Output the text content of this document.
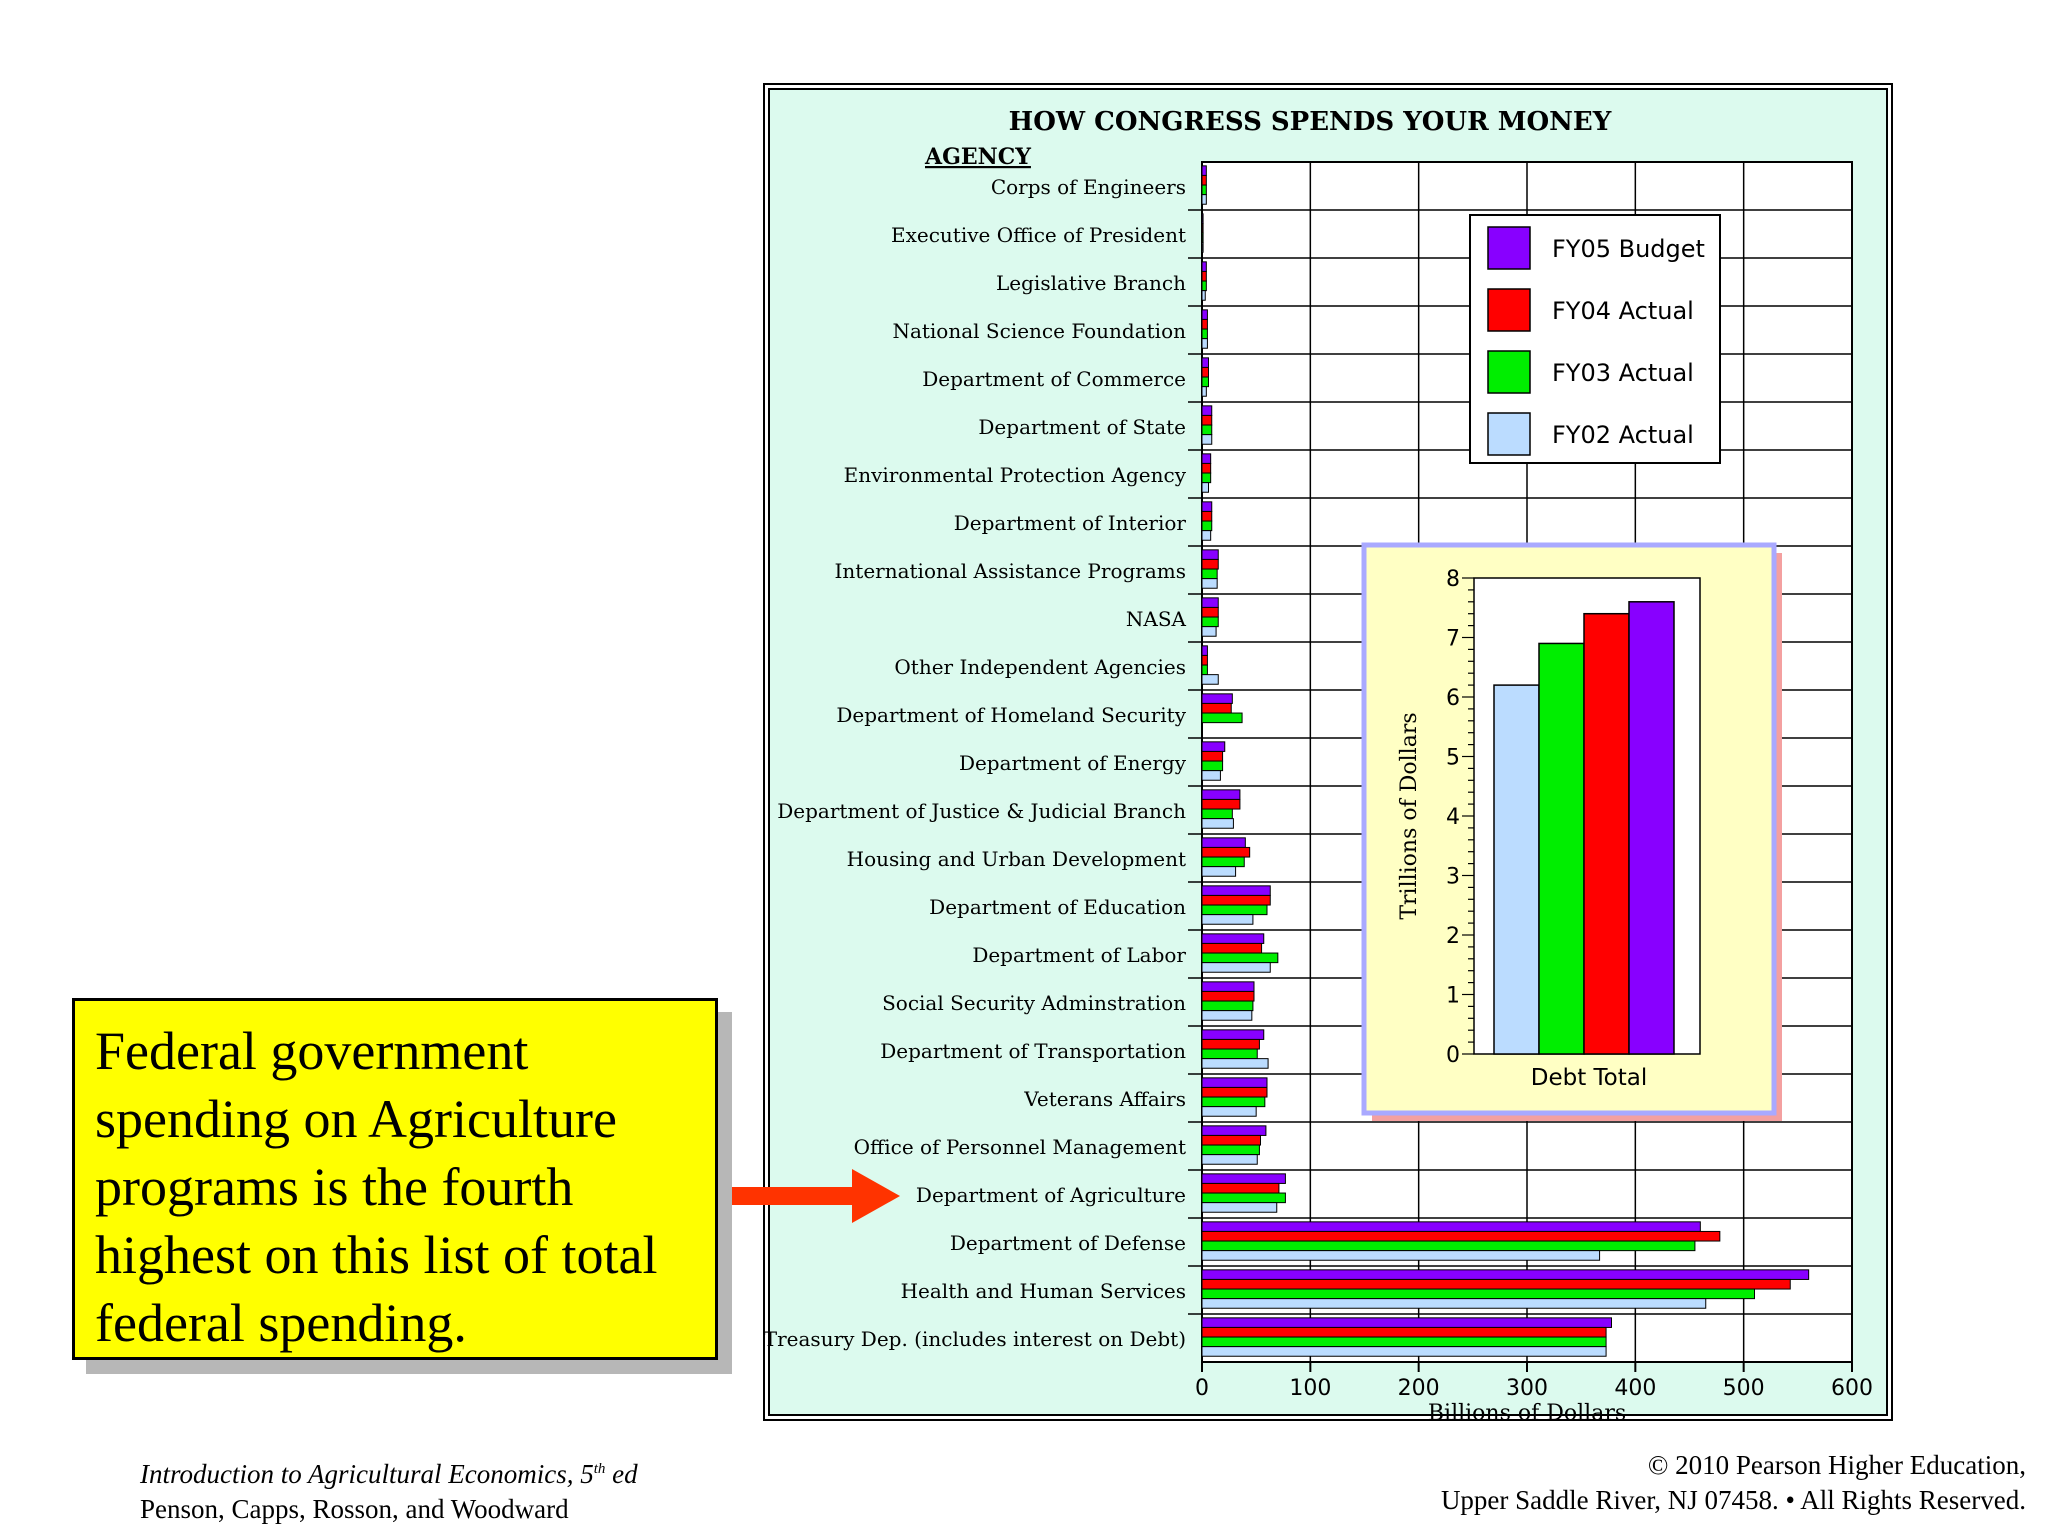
HOW CONGRESS SPENDS YOUR MONEY
AGENCY
0	100	200	300	400	500	600
Billions of Dollars
Corps of Engineers
Executive Office of President
Legislative Branch
National Science Foundation
Department of Commerce
Department of State
Environmental Protection Agency
Department of Interior
International Assistance Programs
NASA
Other Independent Agencies
Department of Homeland Security
Department of Energy
Department of Justice & Judicial Branch
Housing and Urban Development
Department of Education
Department of Labor
Social Security Adminstration
Department of Transportation
Veterans Affairs
Office of Personnel Management
Department of Agriculture
Department of Defense
Health and Human Services
Treasury Dep. (includes interest on Debt)
FY05 Budget
FY04 Actual
FY03 Actual
FY02 Actual
0
1
2
3
4
5
6
7
8
Trillions of Dollars
Debt Total
Federal government spending on Agriculture programs is the fourth highest on this list of total federal spending.
Introduction to Agricultural Economics, 5th ed
Penson, Capps, Rosson, and Woodward
© 2010 Pearson Higher Education,
Upper Saddle River, NJ 07458. • All Rights Reserved.
